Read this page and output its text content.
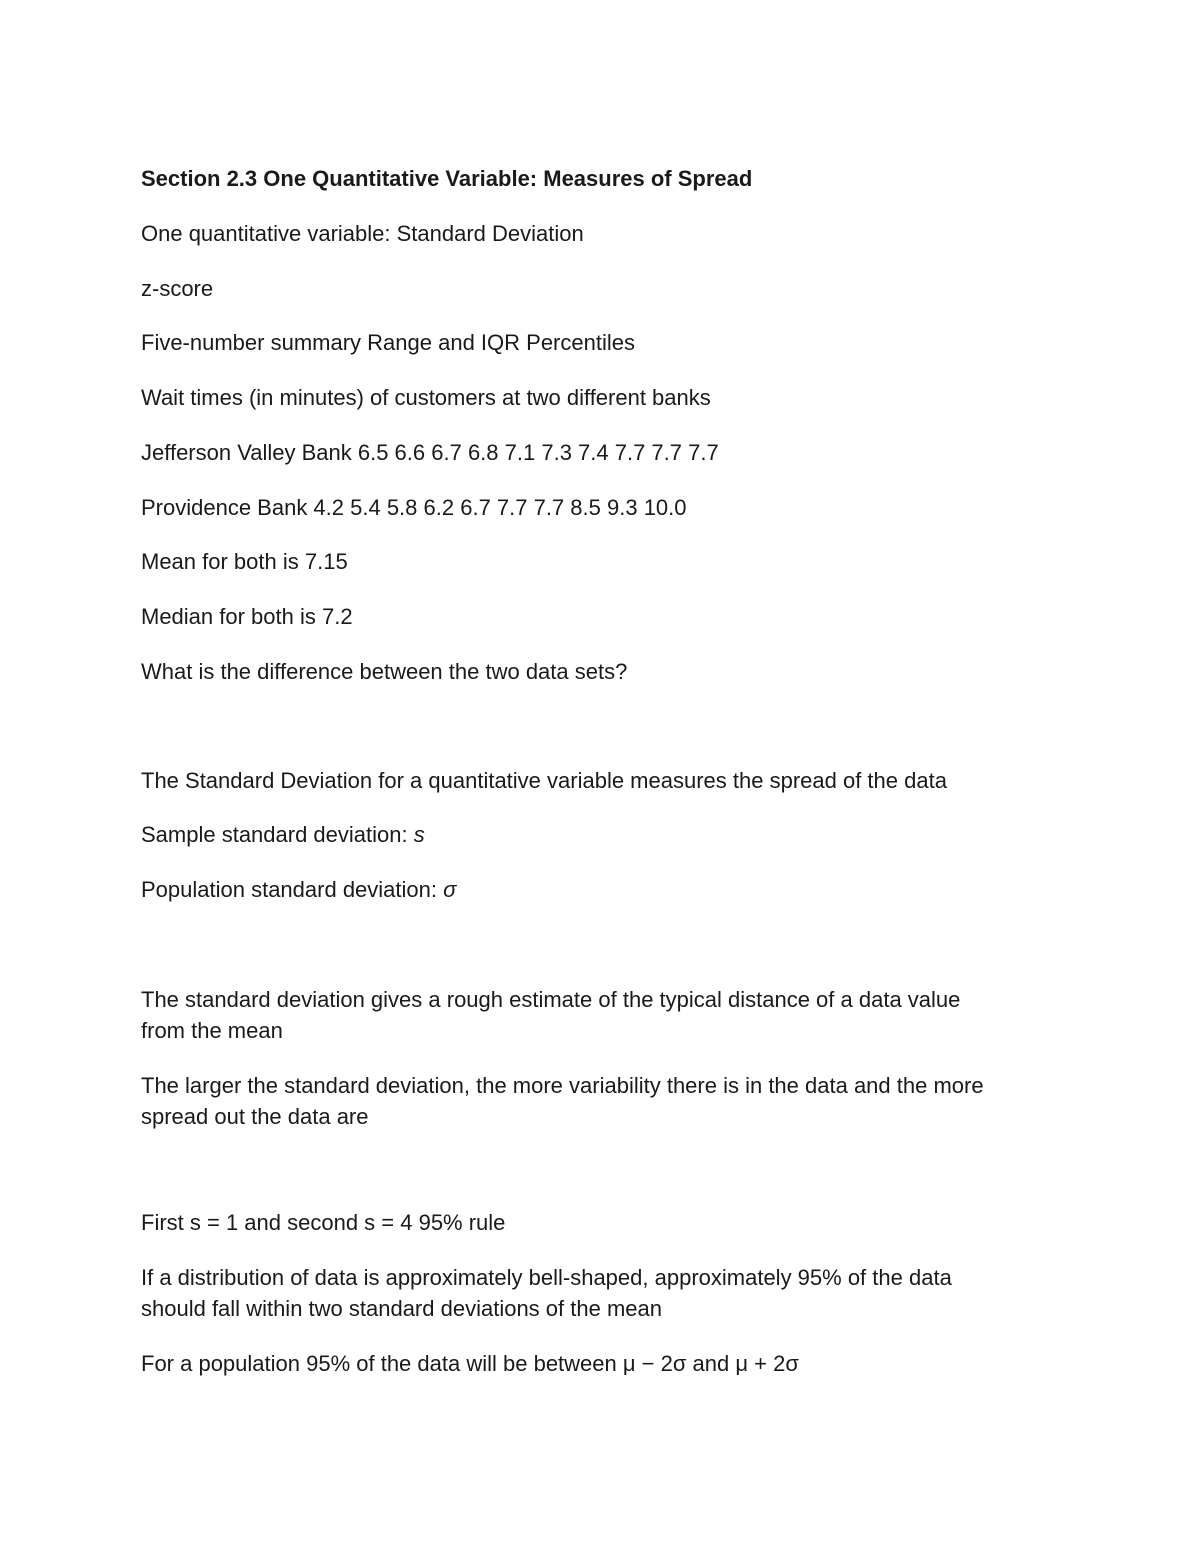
Section 2.3 One Quantitative Variable: Measures of Spread
One quantitative variable: Standard Deviation
z-score
Five-number summary Range and IQR Percentiles
Wait times (in minutes) of customers at two different banks
Jefferson Valley Bank 6.5 6.6 6.7 6.8 7.1 7.3 7.4 7.7 7.7 7.7
Providence Bank 4.2 5.4 5.8 6.2 6.7 7.7 7.7 8.5 9.3 10.0
Mean for both is 7.15
Median for both is 7.2
What is the difference between the two data sets?
The Standard Deviation for a quantitative variable measures the spread of the data
Sample standard deviation: s
Population standard deviation: σ
The standard deviation gives a rough estimate of the typical distance of a data value
from the mean
The larger the standard deviation, the more variability there is in the data and the more
spread out the data are
First s = 1 and second s = 4 95% rule
If a distribution of data is approximately bell-shaped, approximately 95% of the data
should fall within two standard deviations of the mean
For a population 95% of the data will be between μ − 2σ and μ + 2σ
